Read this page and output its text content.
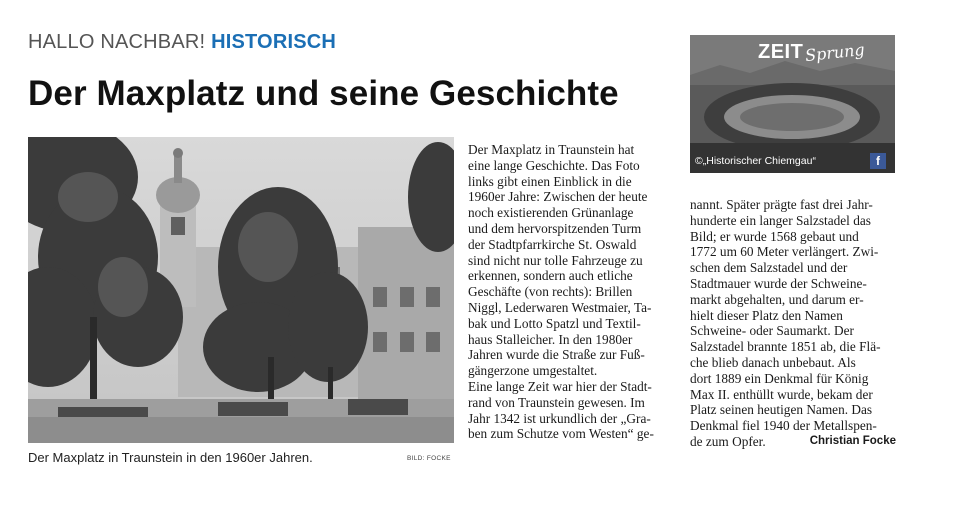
HALLO NACHBAR! HISTORISCH
Der Maxplatz und seine Geschichte
Der Maxplatz in Traunstein in den 1960er Jahren.	BILD: FOCKE
ZEIT Sprung
©„Historischer Chiemgau“	f
Der Maxplatz in Traunstein hat
eine lange Geschichte. Das Foto
links gibt einen Einblick in die
1960er Jahre: Zwischen der heute
noch existierenden Grünanlage
und dem hervorspitzenden Turm
der Stadtpfarrkirche St. Oswald
sind nicht nur tolle Fahrzeuge zu
erkennen, sondern auch etliche
Geschäfte (von rechts): Brillen
Niggl, Lederwaren Westmaier, Ta-
bak und Lotto Spatzl und Textil-
haus Stalleicher. In den 1980er
Jahren wurde die Straße zur Fuß-
gängerzone umgestaltet.
Eine lange Zeit war hier der Stadt-
rand von Traunstein gewesen. Im
Jahr 1342 ist urkundlich der „Gra-
ben zum Schutze vom Westen“ ge-
nannt. Später prägte fast drei Jahr-
hunderte ein langer Salzstadel das
Bild; er wurde 1568 gebaut und
1772 um 60 Meter verlängert. Zwi-
schen dem Salzstadel und der
Stadtmauer wurde der Schweine-
markt abgehalten, und darum er-
hielt dieser Platz den Namen
Schweine- oder Saumarkt. Der
Salzstadel brannte 1851 ab, die Flä-
che blieb danach unbebaut. Als
dort 1889 ein Denkmal für König
Max II. enthüllt wurde, bekam der
Platz seinen heutigen Namen. Das
Denkmal fiel 1940 der Metallspen-
de zum Opfer.	Christian Focke
